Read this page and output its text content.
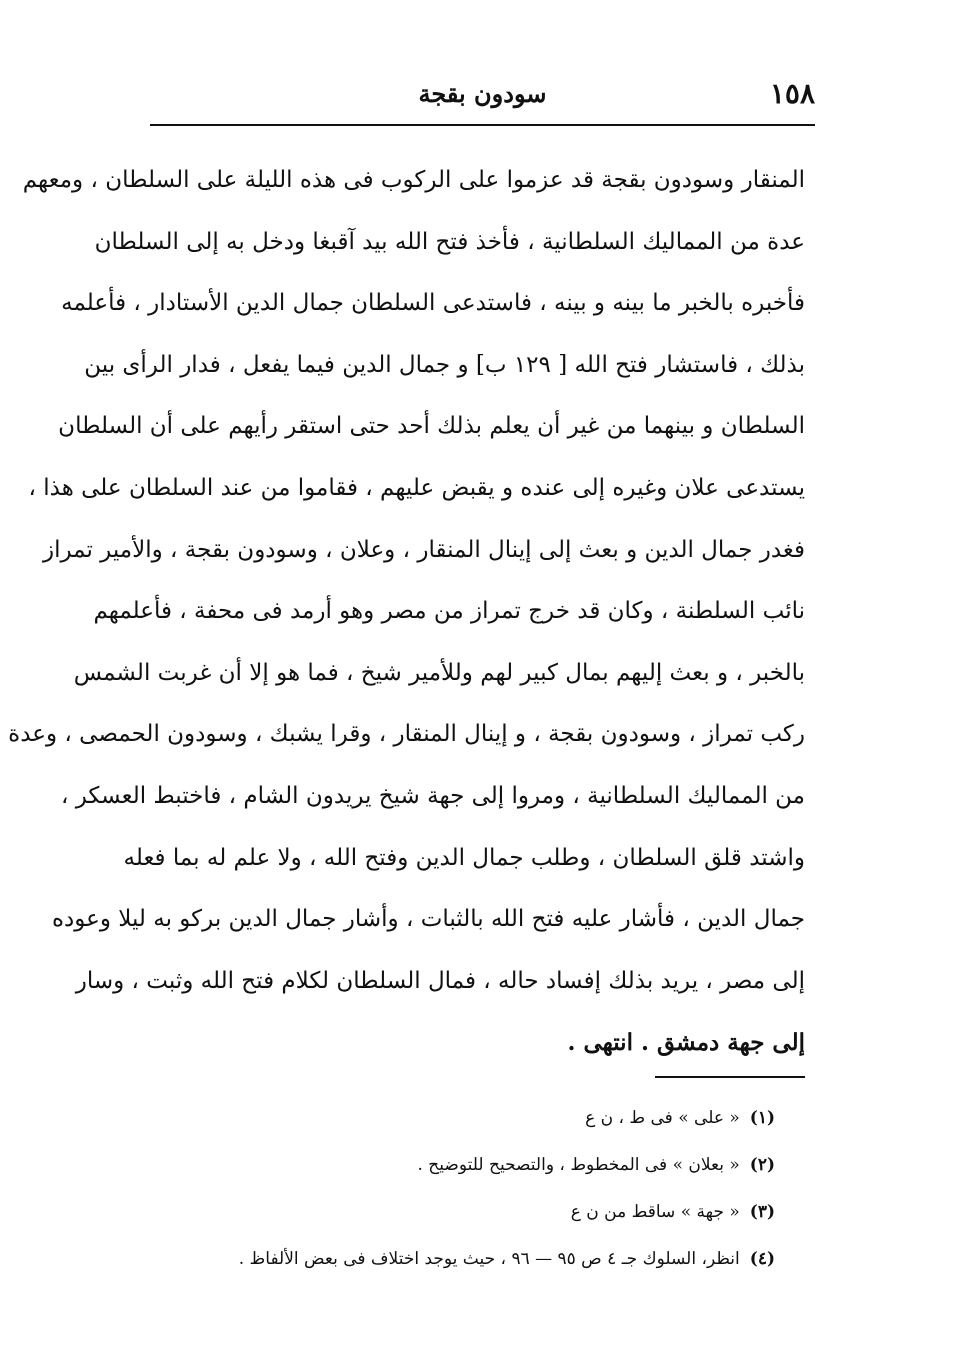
١٥٨
سودون بقجة
المنقار وسودون بقجة قد عزموا على الركوب فى هذه الليلة على السلطان ، ومعهم
عدة من المماليك السلطانية ، فأخذ فتح الله بيد آقبغا ودخل به إلى السلطان
فأخبره بالخبر ما بينه و بينه ، فاستدعى السلطان جمال الدين الأستادار ، فأعلمه
بذلك ، فاستشار فتح الله [ ١٢٩ ب] و جمال الدين فيما يفعل ، فدار الرأى بين
السلطان و بينهما من غير أن يعلم بذلك أحد حتى استقر رأيهم على أن السلطان
يستدعى علان وغيره إلى عنده و يقبض عليهم ، فقاموا من عند السلطان على هذا ،
فغدر جمال الدين و بعث إلى إينال المنقار ، وعلان ، وسودون بقجة ، والأمير تمراز
نائب السلطنة ، وكان قد خرج تمراز من مصر وهو أرمد فى محفة ، فأعلمهم
بالخبر ، و بعث إليهم بمال كبير لهم وللأمير شيخ ، فما هو إلا أن غربت الشمس
ركب تمراز ، وسودون بقجة ، و إينال المنقار ، وقرا يشبك ، وسودون الحمصى ، وعدة
من المماليك السلطانية ، ومروا إلى جهة شيخ يريدون الشام ، فاختبط العسكر ،
واشتد قلق السلطان ، وطلب جمال الدين وفتح الله ، ولا علم له بما فعله
جمال الدين ، فأشار عليه فتح الله بالثبات ، وأشار جمال الدين بركو به ليلا وعوده
إلى مصر ، يريد بذلك إفساد حاله ، فمال السلطان لكلام فتح الله وثبت ، وسار
إلى جهة دمشق . انتهى .
(١)« على » فى ط ، ن ع
(٢)« بعلان » فى المخطوط ، والتصحيح للتوضيح .
(٣)« جهة » ساقط من ن ع
(٤)انظر، السلوك جـ ٤ ص ٩٥ — ٩٦ ، حيث يوجد اختلاف فى بعض الألفاظ .
